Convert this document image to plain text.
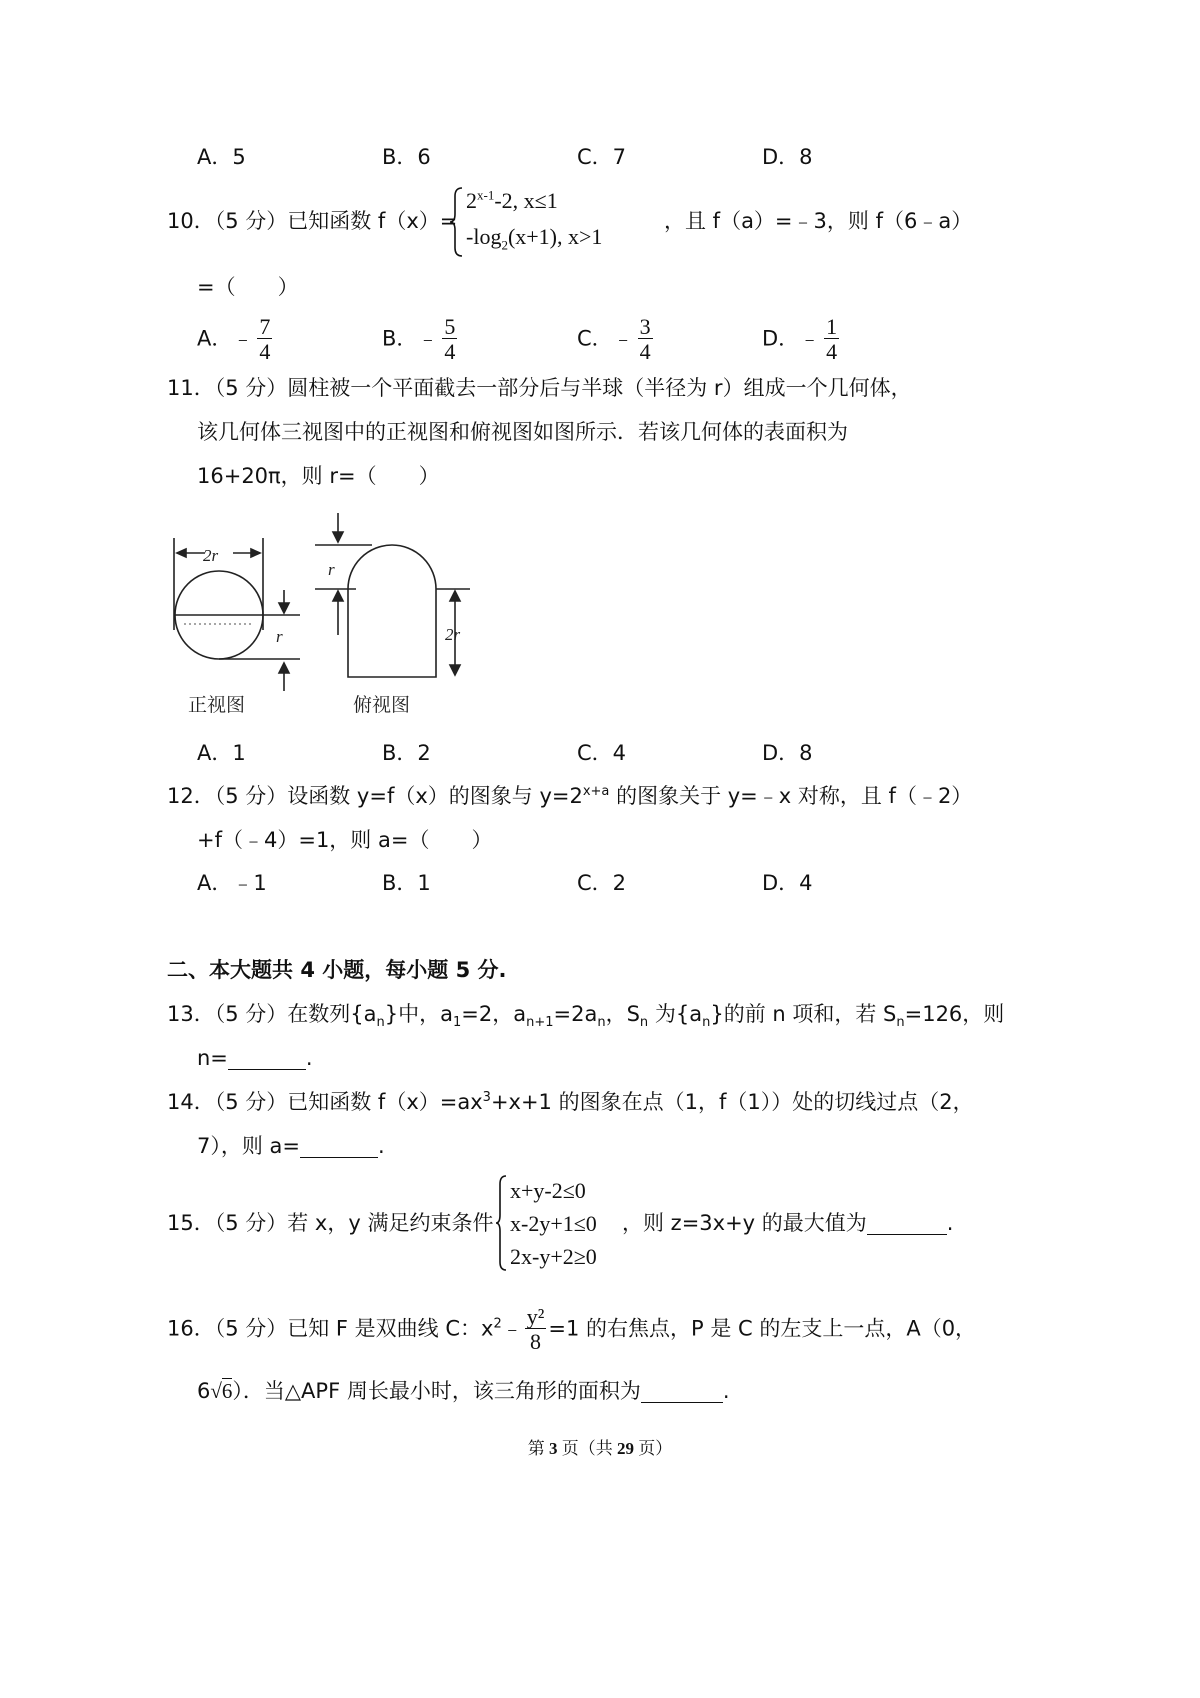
A．5	B．6	C．7	D．8
10．（5 分）已知函数 f（x）=
$2^{x-1}-2$, x≤1
$-\log_2(x+1)$, x>1
，且 f（a）=﹣3，则 f（6﹣a）
=（　　）
A．﹣ $\frac{7}{4}$	B．﹣ $\frac{5}{4}$	C．﹣ $\frac{3}{4}$	D．﹣ $\frac{1}{4}$
11．（5 分）圆柱被一个平面截去一部分后与半球（半径为 r）组成一个几何体，
该几何体三视图中的正视图和俯视图如图所示．若该几何体的表面积为
16+20π，则 r=（　　）
2r
r
r
2r
正视图	俯视图
A．1	B．2	C．4	D．8
12．（5 分）设函数 y=f（x）的图象与 $y=2^{x+a}$ 的图象关于 y=﹣x 对称，且 f（﹣2）
+f（﹣4）=1，则 a=（　　）
A．﹣1	B．1	C．2	D．4
二、本大题共 4 小题，每小题 5 分.
13．（5 分）在数列$\{a_n\}$中，$a_1=2$，$a_{n+1}=2a_n$，$S_n$ 为$\{a_n\}$的前 n 项和，若 $S_n=126$，则
n=	.
14．（5 分）已知函数 $f(x)=ax^3+x+1$ 的图象在点（1，f（1））处的切线过点（2，
7），则 a=	.
15．（5 分）若 x，y 满足约束条件
x+y-2≤0
x-2y+1≤0
2x-y+2≥0
，则 z=3x+y 的最大值为	.
16．（5 分）已知 F 是双曲线 C：$x^2﹣ \frac{\text{y²}}{8} =1$ 的右焦点，P 是 C 的左支上一点，A（0，
6√6）．当△APF 周长最小时，该三角形的面积为	.
第 3 页（共 29 页）
